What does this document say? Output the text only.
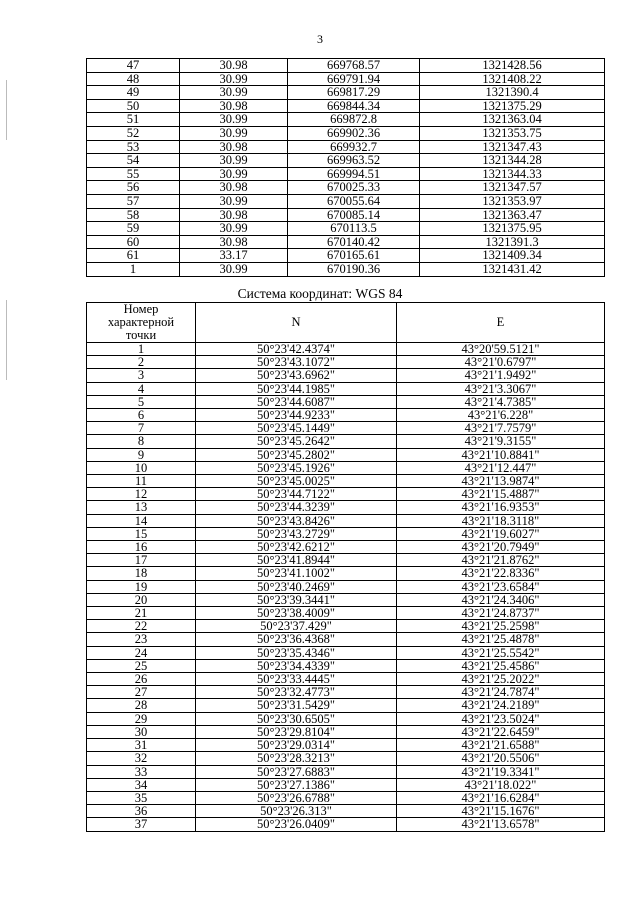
3
47	30.98	669768.57	1321428.56
48	30.99	669791.94	1321408.22
49	30.99	669817.29	1321390.4
50	30.98	669844.34	1321375.29
51	30.99	669872.8	1321363.04
52	30.99	669902.36	1321353.75
53	30.98	669932.7	1321347.43
54	30.99	669963.52	1321344.28
55	30.99	669994.51	1321344.33
56	30.98	670025.33	1321347.57
57	30.99	670055.64	1321353.97
58	30.98	670085.14	1321363.47
59	30.99	670113.5	1321375.95
60	30.98	670140.42	1321391.3
61	33.17	670165.61	1321409.34
1	30.99	670190.36	1321431.42
Система координат: WGS 84
Номер
характерной
точки	N	E
1	50°23'42.4374"	43°20'59.5121"
2	50°23'43.1072"	43°21'0.6797"
3	50°23'43.6962"	43°21'1.9492"
4	50°23'44.1985"	43°21'3.3067"
5	50°23'44.6087"	43°21'4.7385"
6	50°23'44.9233"	43°21'6.228"
7	50°23'45.1449"	43°21'7.7579"
8	50°23'45.2642"	43°21'9.3155"
9	50°23'45.2802"	43°21'10.8841"
10	50°23'45.1926"	43°21'12.447"
11	50°23'45.0025"	43°21'13.9874"
12	50°23'44.7122"	43°21'15.4887"
13	50°23'44.3239"	43°21'16.9353"
14	50°23'43.8426"	43°21'18.3118"
15	50°23'43.2729"	43°21'19.6027"
16	50°23'42.6212"	43°21'20.7949"
17	50°23'41.8944"	43°21'21.8762"
18	50°23'41.1002"	43°21'22.8336"
19	50°23'40.2469"	43°21'23.6584"
20	50°23'39.3441"	43°21'24.3406"
21	50°23'38.4009"	43°21'24.8737"
22	50°23'37.429"	43°21'25.2598"
23	50°23'36.4368"	43°21'25.4878"
24	50°23'35.4346"	43°21'25.5542"
25	50°23'34.4339"	43°21'25.4586"
26	50°23'33.4445"	43°21'25.2022"
27	50°23'32.4773"	43°21'24.7874"
28	50°23'31.5429"	43°21'24.2189"
29	50°23'30.6505"	43°21'23.5024"
30	50°23'29.8104"	43°21'22.6459"
31	50°23'29.0314"	43°21'21.6588"
32	50°23'28.3213"	43°21'20.5506"
33	50°23'27.6883"	43°21'19.3341"
34	50°23'27.1386"	43°21'18.022"
35	50°23'26.6788"	43°21'16.6284"
36	50°23'26.313"	43°21'15.1676"
37	50°23'26.0409"	43°21'13.6578"
